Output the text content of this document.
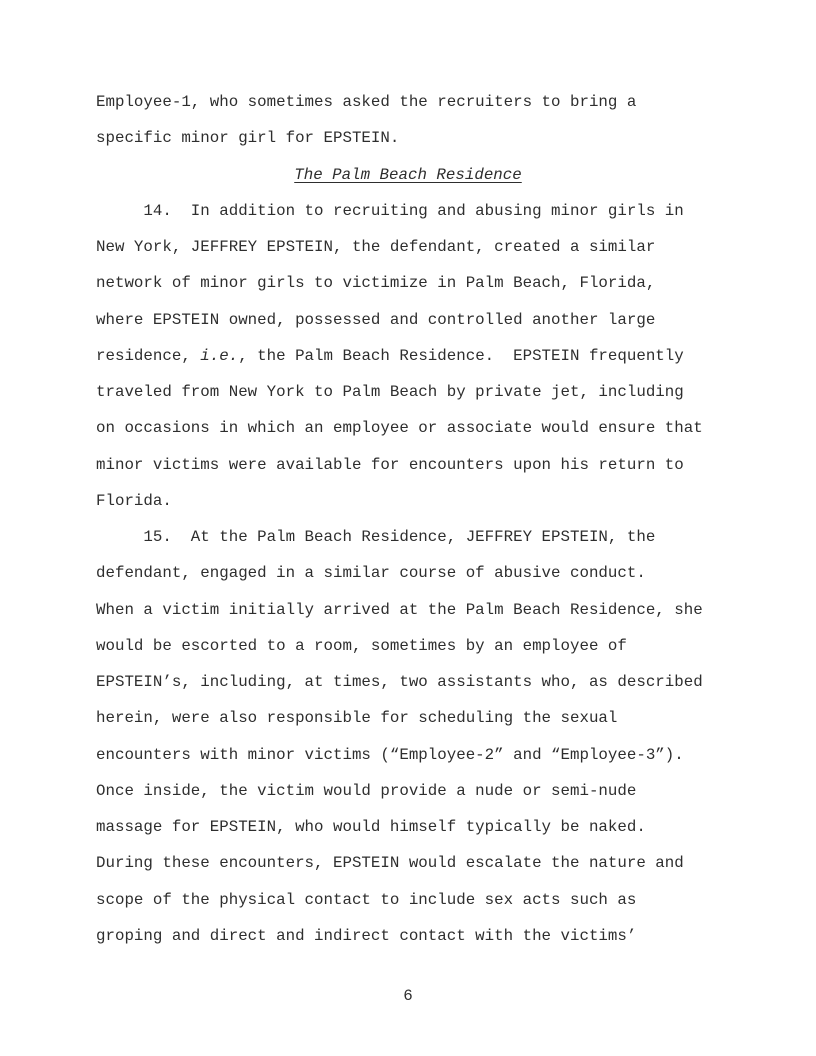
Employee-1, who sometimes asked the recruiters to bring a
specific minor girl for EPSTEIN.
The Palm Beach Residence
14.  In addition to recruiting and abusing minor girls in
New York, JEFFREY EPSTEIN, the defendant, created a similar
network of minor girls to victimize in Palm Beach, Florida,
where EPSTEIN owned, possessed and controlled another large
residence, i.e., the Palm Beach Residence.  EPSTEIN frequently
traveled from New York to Palm Beach by private jet, including
on occasions in which an employee or associate would ensure that
minor victims were available for encounters upon his return to
Florida.
15.  At the Palm Beach Residence, JEFFREY EPSTEIN, the
defendant, engaged in a similar course of abusive conduct.
When a victim initially arrived at the Palm Beach Residence, she
would be escorted to a room, sometimes by an employee of
EPSTEIN’s, including, at times, two assistants who, as described
herein, were also responsible for scheduling the sexual
encounters with minor victims (“Employee-2” and “Employee-3”).
Once inside, the victim would provide a nude or semi-nude
massage for EPSTEIN, who would himself typically be naked.
During these encounters, EPSTEIN would escalate the nature and
scope of the physical contact to include sex acts such as
groping and direct and indirect contact with the victims’
6
